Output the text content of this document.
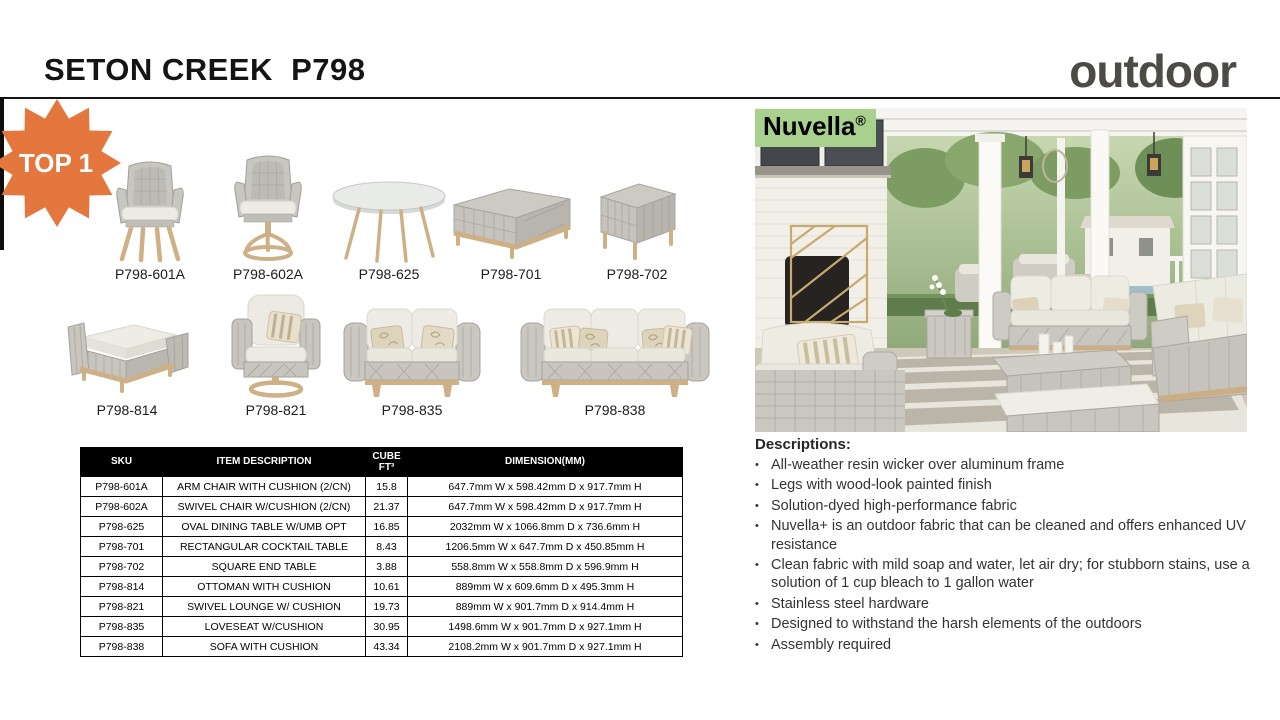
SETON CREEK  P798	outdoor
TOP 1
P798-601A	P798-602A	P798-625	P798-701	P798-702
P798-814	P798-821	P798-835	P798-838
SKU	ITEM DESCRIPTION	CUBE FT³	DIMENSION(MM)
P798-601A	ARM CHAIR WITH CUSHION (2/CN)	15.8	647.7mm W x 598.42mm D x 917.7mm H
P798-602A	SWIVEL CHAIR W/CUSHION (2/CN)	21.37	647.7mm W x 598.42mm D x 917.7mm H
P798-625	OVAL DINING TABLE W/UMB OPT	16.85	2032mm W x 1066.8mm D x 736.6mm H
P798-701	RECTANGULAR COCKTAIL TABLE	8.43	1206.5mm W x 647.7mm D x 450.85mm H
P798-702	SQUARE END TABLE	3.88	558.8mm W x 558.8mm D x 596.9mm H
P798-814	OTTOMAN WITH CUSHION	10.61	889mm W x 609.6mm D x 495.3mm H
P798-821	SWIVEL LOUNGE W/ CUSHION	19.73	889mm W x 901.7mm D x 914.4mm H
P798-835	LOVESEAT W/CUSHION	30.95	1498.6mm W x 901.7mm D x 927.1mm H
P798-838	SOFA WITH CUSHION	43.34	2108.2mm W x 901.7mm D x 927.1mm H
Nuvella®
Descriptions:
• All-weather resin wicker over aluminum frame
• Legs with wood-look painted finish
• Solution-dyed high-performance fabric
• Nuvella+ is an outdoor fabric that can be cleaned and offers enhanced UV resistance
• Clean fabric with mild soap and water, let air dry; for stubborn stains, use a solution of 1 cup bleach to 1 gallon water
• Stainless steel hardware
• Designed to withstand the harsh elements of the outdoors
• Assembly required
